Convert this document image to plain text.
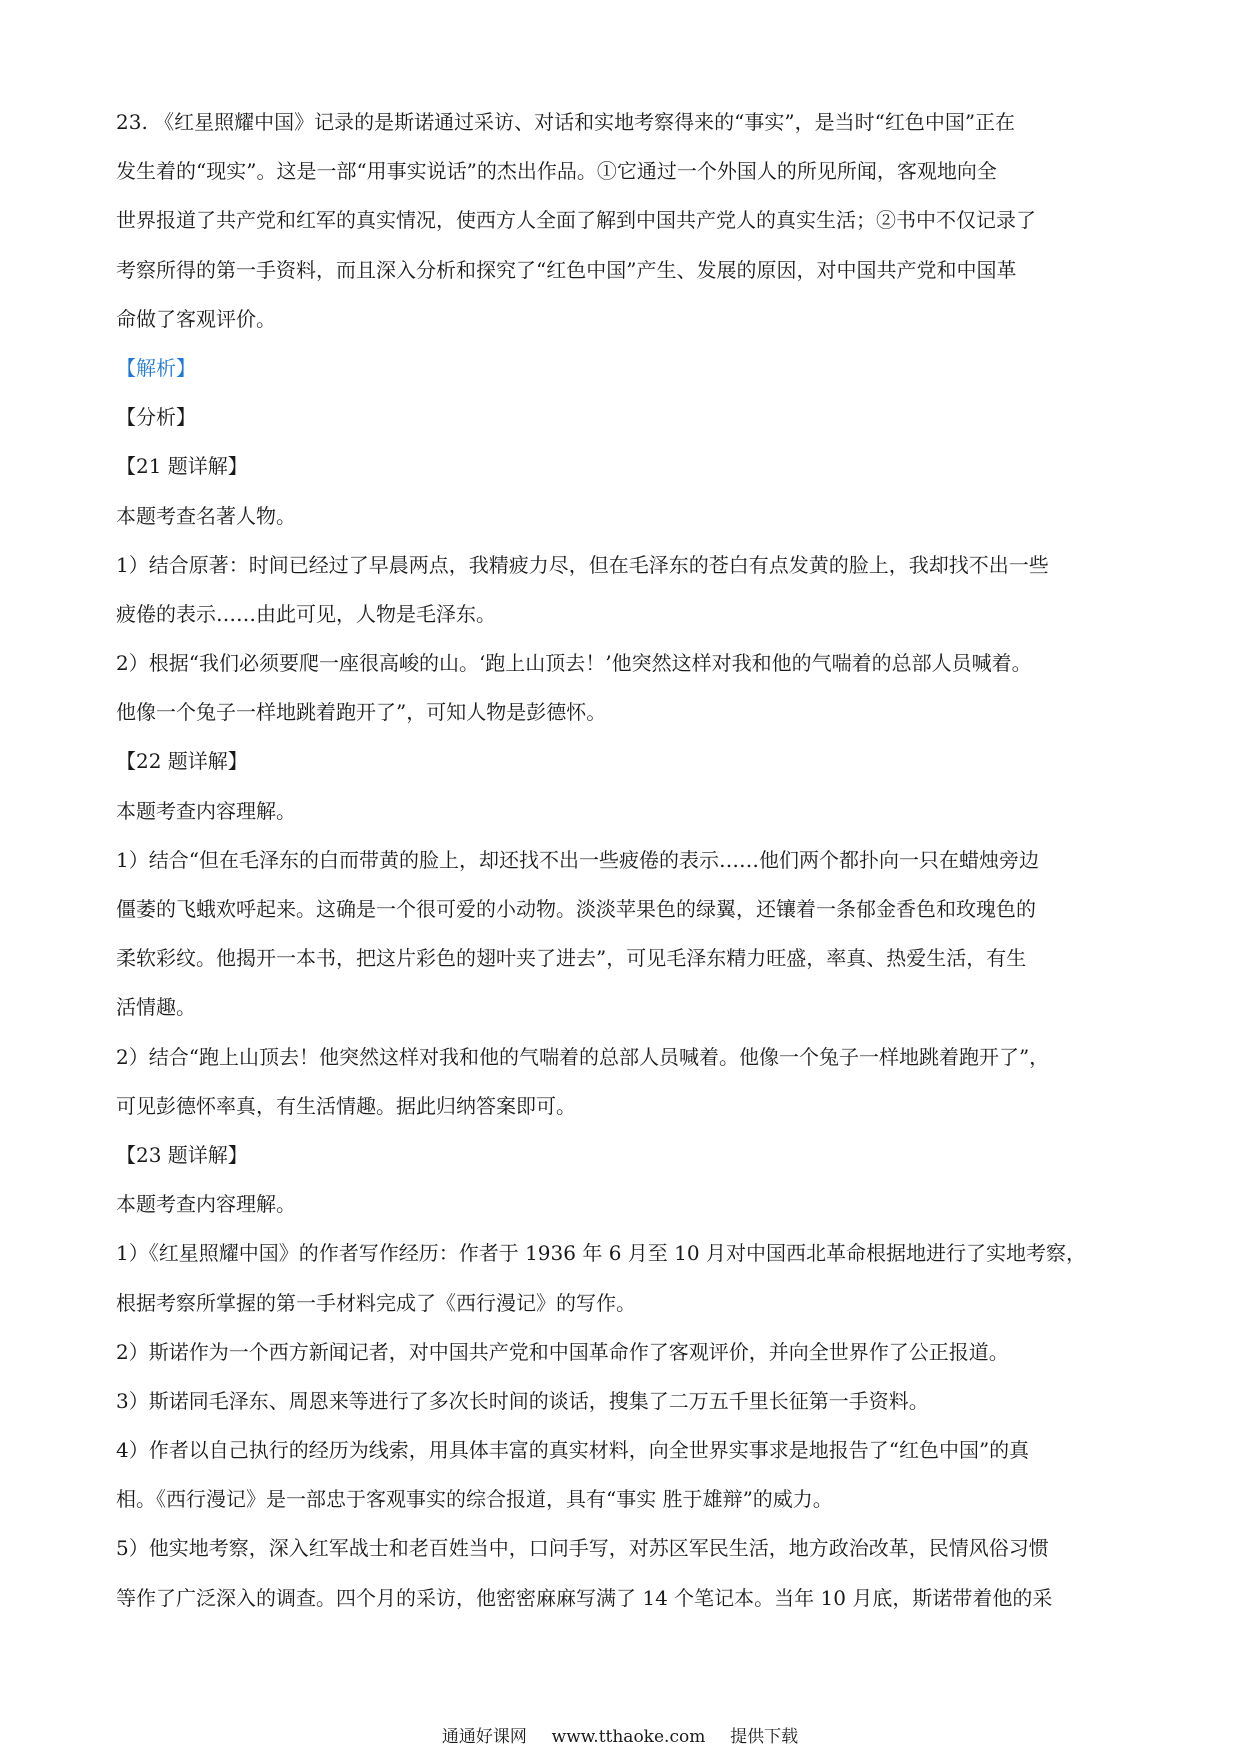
23. 《红星照耀中国》记录的是斯诺通过采访、对话和实地考察得来的“事实”，是当时“红色中国”正在

发生着的“现实”。这是一部“用事实说话”的杰出作品。①它通过一个外国人的所见所闻，客观地向全

世界报道了共产党和红军的真实情况，使西方人全面了解到中国共产党人的真实生活；②书中不仅记录了

考察所得的第一手资料，而且深入分析和探究了“红色中国”产生、发展的原因，对中国共产党和中国革

命做了客观评价。

【解析】

【分析】

【21 题详解】

本题考查名著人物。

1）结合原著：时间已经过了早晨两点，我精疲力尽，但在毛泽东的苍白有点发黄的脸上，我却找不出一些

疲倦的表示……由此可见，人物是毛泽东。

2）根据“我们必须要爬一座很高峻的山。‘跑上山顶去！’他突然这样对我和他的气喘着的总部人员喊着。

他像一个兔子一样地跳着跑开了”，可知人物是彭德怀。

【22 题详解】

本题考查内容理解。

1）结合“但在毛泽东的白而带黄的脸上，却还找不出一些疲倦的表示……他们两个都扑向一只在蜡烛旁边

僵萎的飞蛾欢呼起来。这确是一个很可爱的小动物。淡淡苹果色的绿翼，还镶着一条郁金香色和玫瑰色的

柔软彩纹。他揭开一本书，把这片彩色的翅叶夹了进去”，可见毛泽东精力旺盛，率真、热爱生活，有生

活情趣。

2）结合“跑上山顶去！他突然这样对我和他的气喘着的总部人员喊着。他像一个兔子一样地跳着跑开了”，

可见彭德怀率真，有生活情趣。据此归纳答案即可。

【23 题详解】

本题考查内容理解。

1）《红星照耀中国》的作者写作经历：作者于 1936 年 6 月至 10 月对中国西北革命根据地进行了实地考察，

根据考察所掌握的第一手材料完成了《西行漫记》的写作。

2）斯诺作为一个西方新闻记者，对中国共产党和中国革命作了客观评价，并向全世界作了公正报道。

3）斯诺同毛泽东、周恩来等进行了多次长时间的谈话，搜集了二万五千里长征第一手资料。

4）作者以自己执行的经历为线索，用具体丰富的真实材料，向全世界实事求是地报告了“红色中国”的真

相。《西行漫记》是一部忠于客观事实的综合报道，具有“事实 胜于雄辩”的威力。

5）他实地考察，深入红军战士和老百姓当中，口问手写，对苏区军民生活，地方政治改革，民情风俗习惯

等作了广泛深入的调查。四个月的采访，他密密麻麻写满了 14 个笔记本。当年 10 月底，斯诺带着他的采

通通好课网 www.tthaoke.com 提供下载
